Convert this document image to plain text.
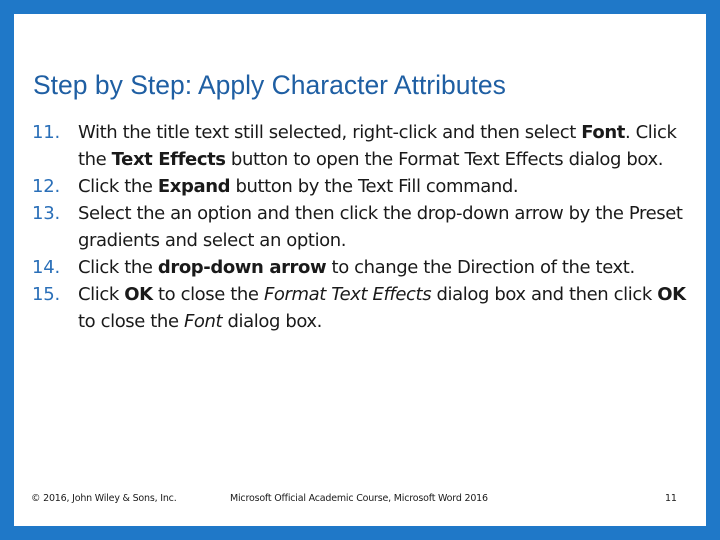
Step by Step: Apply Character Attributes
11. With the title text still selected, right-click and then select Font. Click the Text Effects button to open the Format Text Effects dialog box.
12. Click the Expand button by the Text Fill command.
13. Select the an option and then click the drop-down arrow by the Preset gradients and select an option.
14. Click the drop-down arrow to change the Direction of the text.
15. Click OK to close the Format Text Effects dialog box and then click OK to close the Font dialog box.
© 2016, John Wiley & Sons, Inc.	Microsoft Official Academic Course, Microsoft Word 2016	11
